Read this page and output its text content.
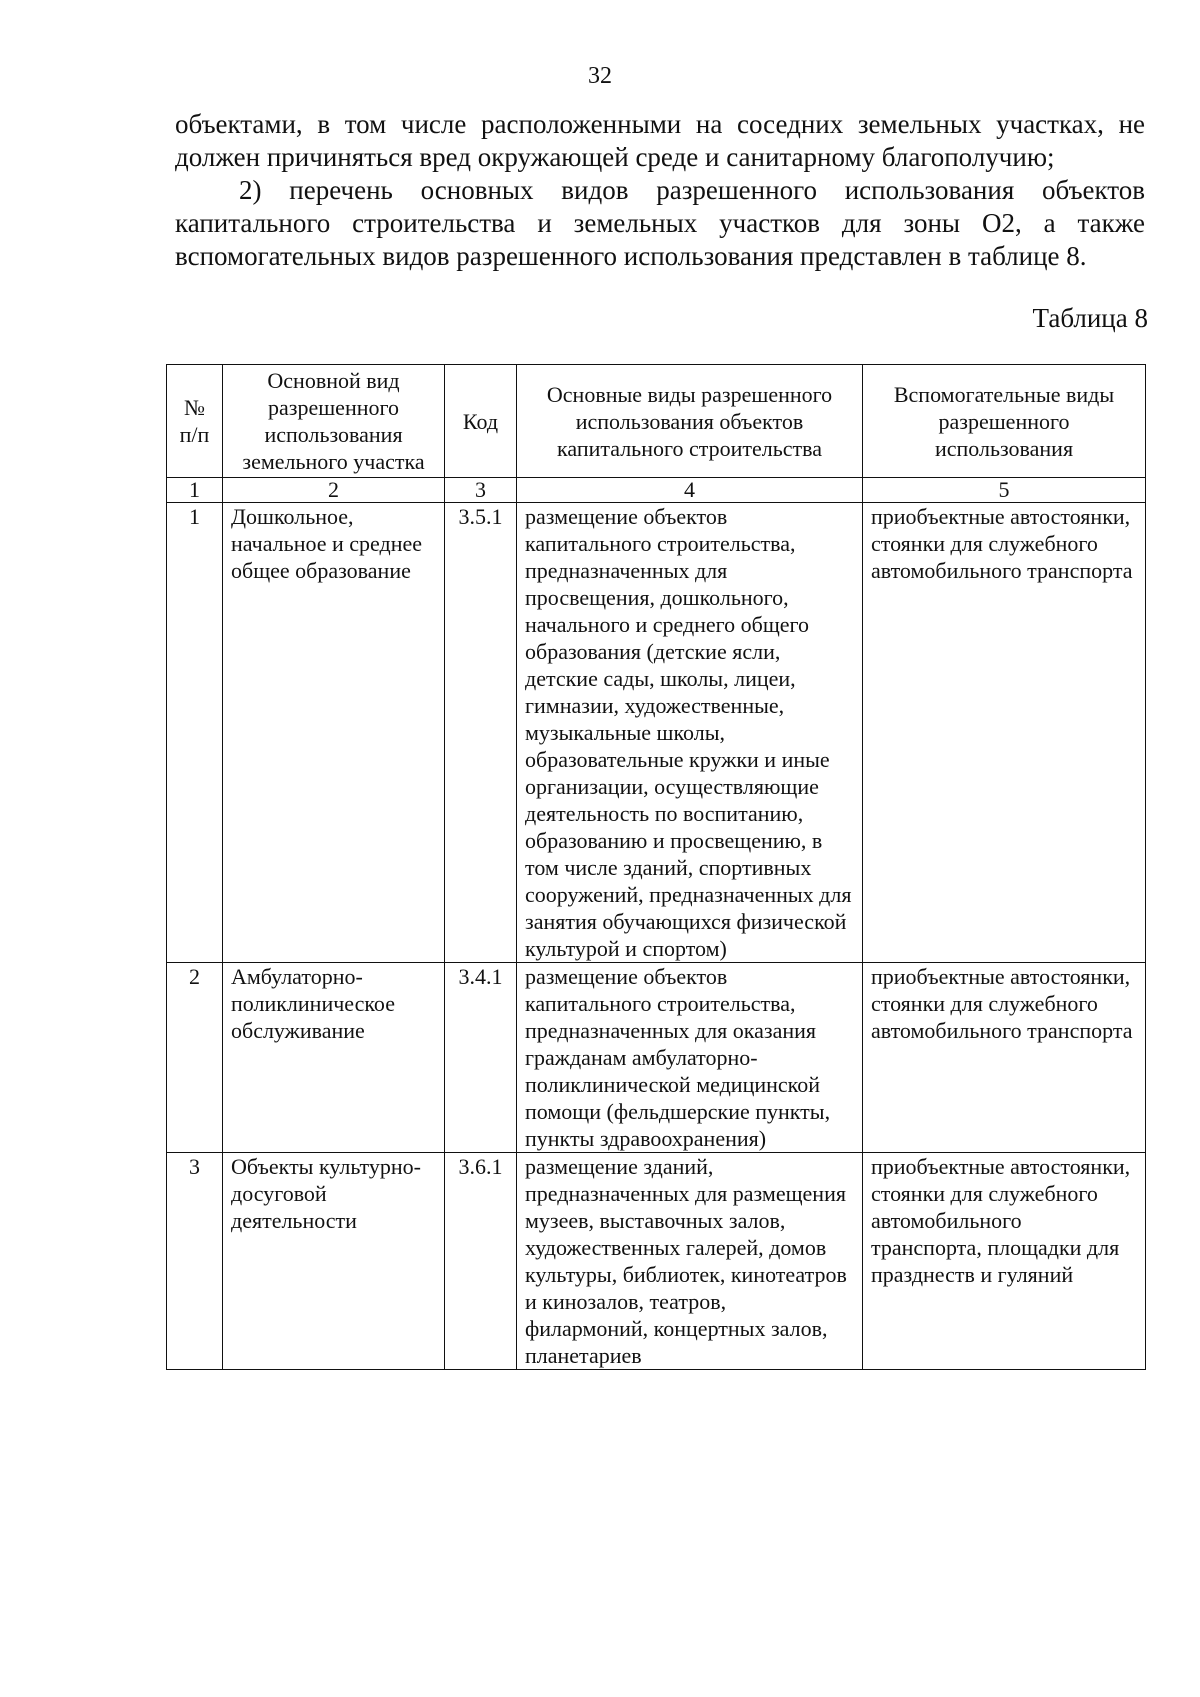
32

объектами, в том числе расположенными на соседних земельных участках, не должен причиняться вред окружающей среде и санитарному благополучию;

2) перечень основных видов разрешенного использования объектов капитального строительства и земельных участков для зоны О2, а также вспомогательных видов разрешенного использования представлен в таблице 8.

Таблица 8
№ п/п	Основной вид разрешенного использования земельного участка	Код	Основные виды разрешенного использования объектов капитального строительства	Вспомогательные виды разрешенного использования
1	2	3	4	5
1	Дошкольное, начальное и среднее общее образование	3.5.1	размещение объектов капитального строительства, предназначенных для просвещения, дошкольного, начального и среднего общего образования (детские ясли, детские сады, школы, лицеи, гимназии, художественные, музыкальные школы, образовательные кружки и иные организации, осуществляющие деятельность по воспитанию, образованию и просвещению, в том числе зданий, спортивных сооружений, предназначенных для занятия обучающихся физической культурой и спортом)	приобъектные автостоянки, стоянки для служебного автомобильного транспорта
2	Амбулаторно-поликлиническое обслуживание	3.4.1	размещение объектов капитального строительства, предназначенных для оказания гражданам амбулаторно-поликлинической медицинской помощи (фельдшерские пункты, пункты здравоохранения)	приобъектные автостоянки, стоянки для служебного автомобильного транспорта
3	Объекты культурно-досуговой деятельности	3.6.1	размещение зданий, предназначенных для размещения музеев, выставочных залов, художественных галерей, домов культуры, библиотек, кинотеатров и кинозалов, театров, филармоний, концертных залов, планетариев	приобъектные автостоянки, стоянки для служебного автомобильного транспорта, площадки для празднеств и гуляний
